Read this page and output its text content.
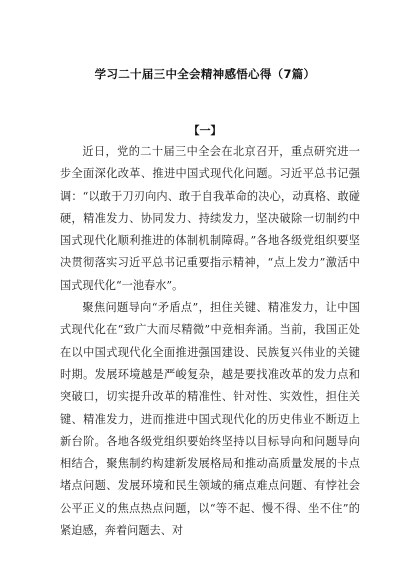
学习二十届三中全会精神感悟心得（7篇）
【一】

近日，党的二十届三中全会在北京召开，重点研究进一步全面深化改革、推进中国式现代化问题。习近平总书记强调：“以敢于刀刃向内、敢于自我革命的决心，动真格、敢碰硬，精准发力、协同发力、持续发力，坚决破除一切制约中国式现代化顺利推进的体制机制障碍。”各地各级党组织要坚决贯彻落实习近平总书记重要指示精神，“点上发力”激活中国式现代化“一池春水”。

聚焦问题导向“矛盾点”，担住关键、精准发力，让中国式现代化在“致广大而尽精微”中竞相奔涌。当前，我国正处在以中国式现代化全面推进强国建设、民族复兴伟业的关键时期。发展环境越是严峻复杂，越是要找准改革的发力点和突破口，切实提升改革的精准性、针对性、实效性，担住关键、精准发力，进而推进中国式现代化的历史伟业不断迈上新台阶。各地各级党组织要始终坚持以目标导向和问题导向相结合，聚焦制约构建新发展格局和推动高质量发展的卡点堵点问题、发展环境和民生领域的痛点难点问题、有悖社会公平正义的焦点热点问题，以“等不起、慢不得、坐不住”的紧迫感，奔着问题去、对
